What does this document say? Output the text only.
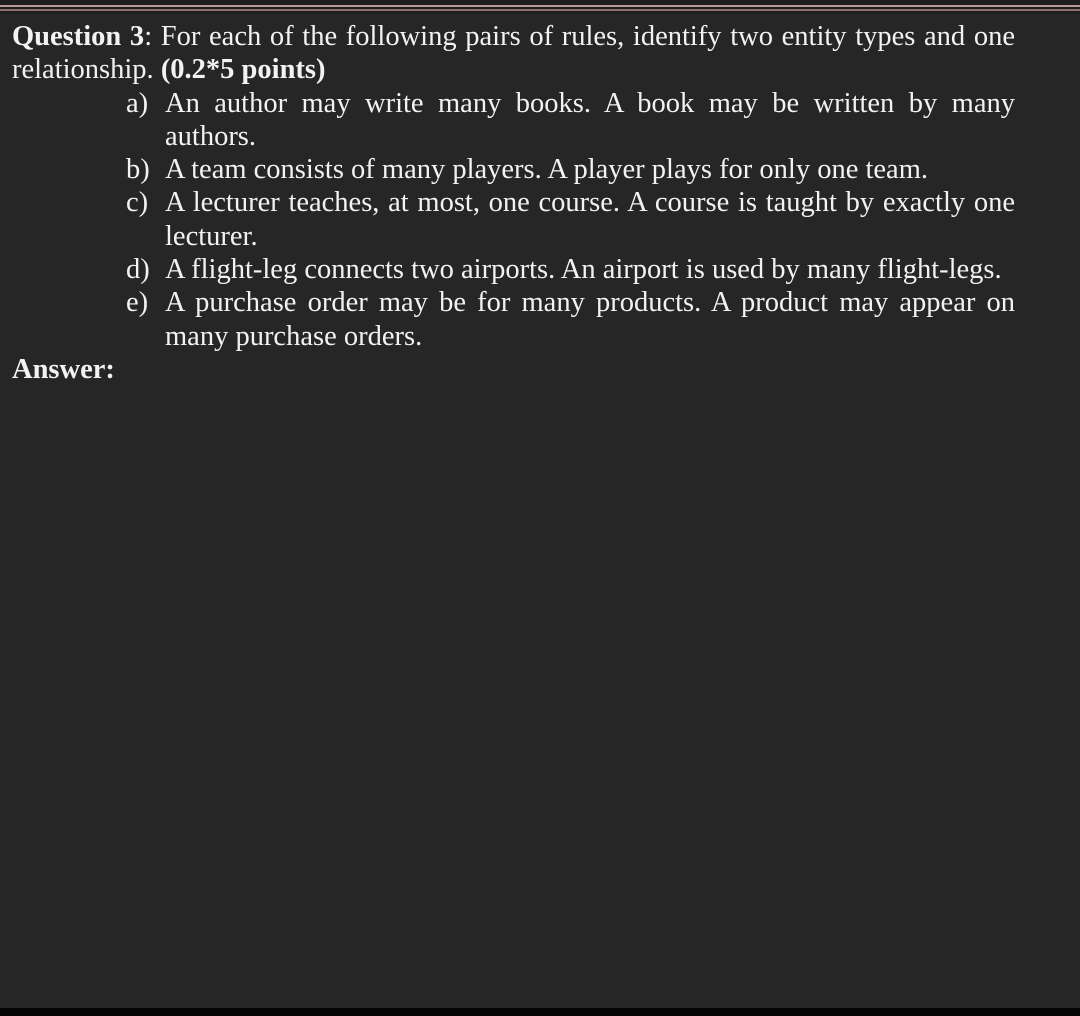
Question 3: For each of the following pairs of rules, identify two entity types and one relationship. (0.2*5 points)

a) An author may write many books. A book may be written by many authors.
b) A team consists of many players. A player plays for only one team.
c) A lecturer teaches, at most, one course. A course is taught by exactly one lecturer.
d) A flight-leg connects two airports. An airport is used by many flight-legs.
e) A purchase order may be for many products. A product may appear on many purchase orders.

Answer:
